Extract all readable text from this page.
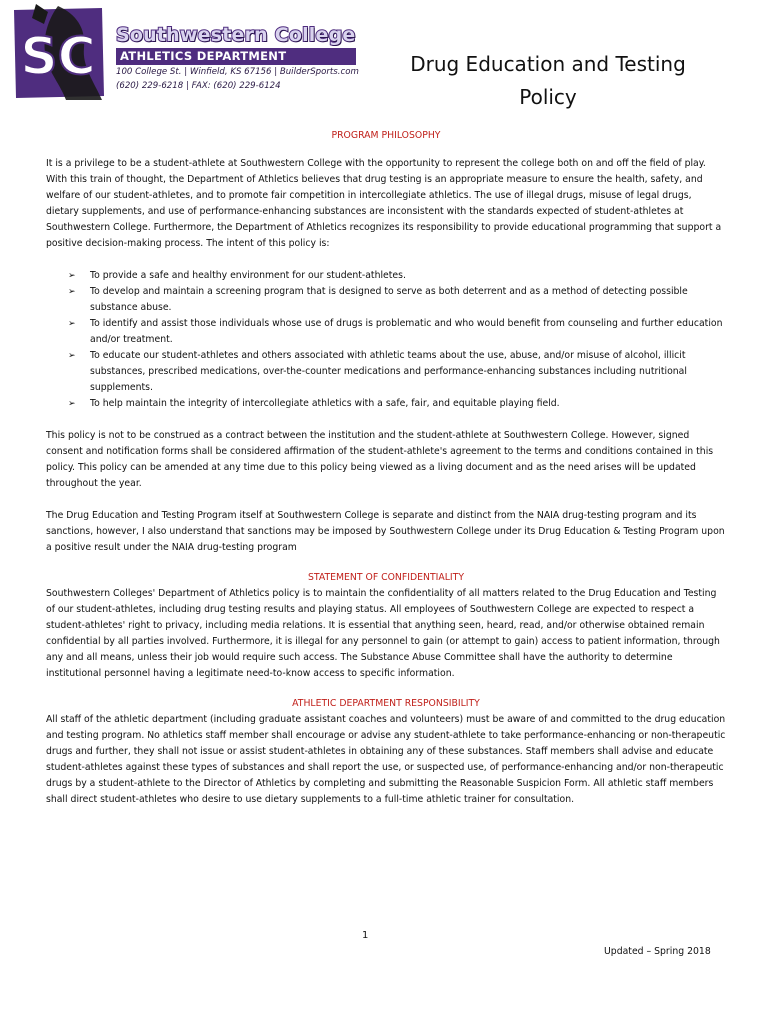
SC Southwestern College
ATHLETICS DEPARTMENT
100 College St. | Winfield, KS 67156 | BuilderSports.com
(620) 229-6218 | FAX: (620) 229-6124
Drug Education and Testing
Policy
PROGRAM PHILOSOPHY

It is a privilege to be a student-athlete at Southwestern College with the opportunity to represent the college both on and off the field of play. With this train of thought, the Department of Athletics believes that drug testing is an appropriate measure to ensure the health, safety, and welfare of our student-athletes, and to promote fair competition in intercollegiate athletics. The use of illegal drugs, misuse of legal drugs, dietary supplements, and use of performance-enhancing substances are inconsistent with the standards expected of student-athletes at Southwestern College. Furthermore, the Department of Athletics recognizes its responsibility to provide educational programming that support a positive decision-making process. The intent of this policy is:

➢ To provide a safe and healthy environment for our student-athletes.
➢ To develop and maintain a screening program that is designed to serve as both deterrent and as a method of detecting possible substance abuse.
➢ To identify and assist those individuals whose use of drugs is problematic and who would benefit from counseling and further education and/or treatment.
➢ To educate our student-athletes and others associated with athletic teams about the use, abuse, and/or misuse of alcohol, illicit substances, prescribed medications, over-the-counter medications and performance-enhancing substances including nutritional supplements.
➢ To help maintain the integrity of intercollegiate athletics with a safe, fair, and equitable playing field.

This policy is not to be construed as a contract between the institution and the student-athlete at Southwestern College. However, signed consent and notification forms shall be considered affirmation of the student-athlete's agreement to the terms and conditions contained in this policy. This policy can be amended at any time due to this policy being viewed as a living document and as the need arises will be updated throughout the year.

The Drug Education and Testing Program itself at Southwestern College is separate and distinct from the NAIA drug-testing program and its sanctions, however, I also understand that sanctions may be imposed by Southwestern College under its Drug Education & Testing Program upon a positive result under the NAIA drug-testing program

STATEMENT OF CONFIDENTIALITY

Southwestern Colleges' Department of Athletics policy is to maintain the confidentiality of all matters related to the Drug Education and Testing of our student-athletes, including drug testing results and playing status. All employees of Southwestern College are expected to respect a student-athletes' right to privacy, including media relations. It is essential that anything seen, heard, read, and/or otherwise obtained remain confidential by all parties involved. Furthermore, it is illegal for any personnel to gain (or attempt to gain) access to patient information, through any and all means, unless their job would require such access. The Substance Abuse Committee shall have the authority to determine institutional personnel having a legitimate need-to-know access to specific information.

ATHLETIC DEPARTMENT RESPONSIBILITY

All staff of the athletic department (including graduate assistant coaches and volunteers) must be aware of and committed to the drug education and testing program. No athletics staff member shall encourage or advise any student-athlete to take performance-enhancing or non-therapeutic drugs and further, they shall not issue or assist student-athletes in obtaining any of these substances. Staff members shall advise and educate student-athletes against these types of substances and shall report the use, or suspected use, of performance-enhancing and/or non-therapeutic drugs by a student-athlete to the Director of Athletics by completing and submitting the Reasonable Suspicion Form. All athletic staff members shall direct student-athletes who desire to use dietary supplements to a full-time athletic trainer for consultation.

1
Updated – Spring 2018
